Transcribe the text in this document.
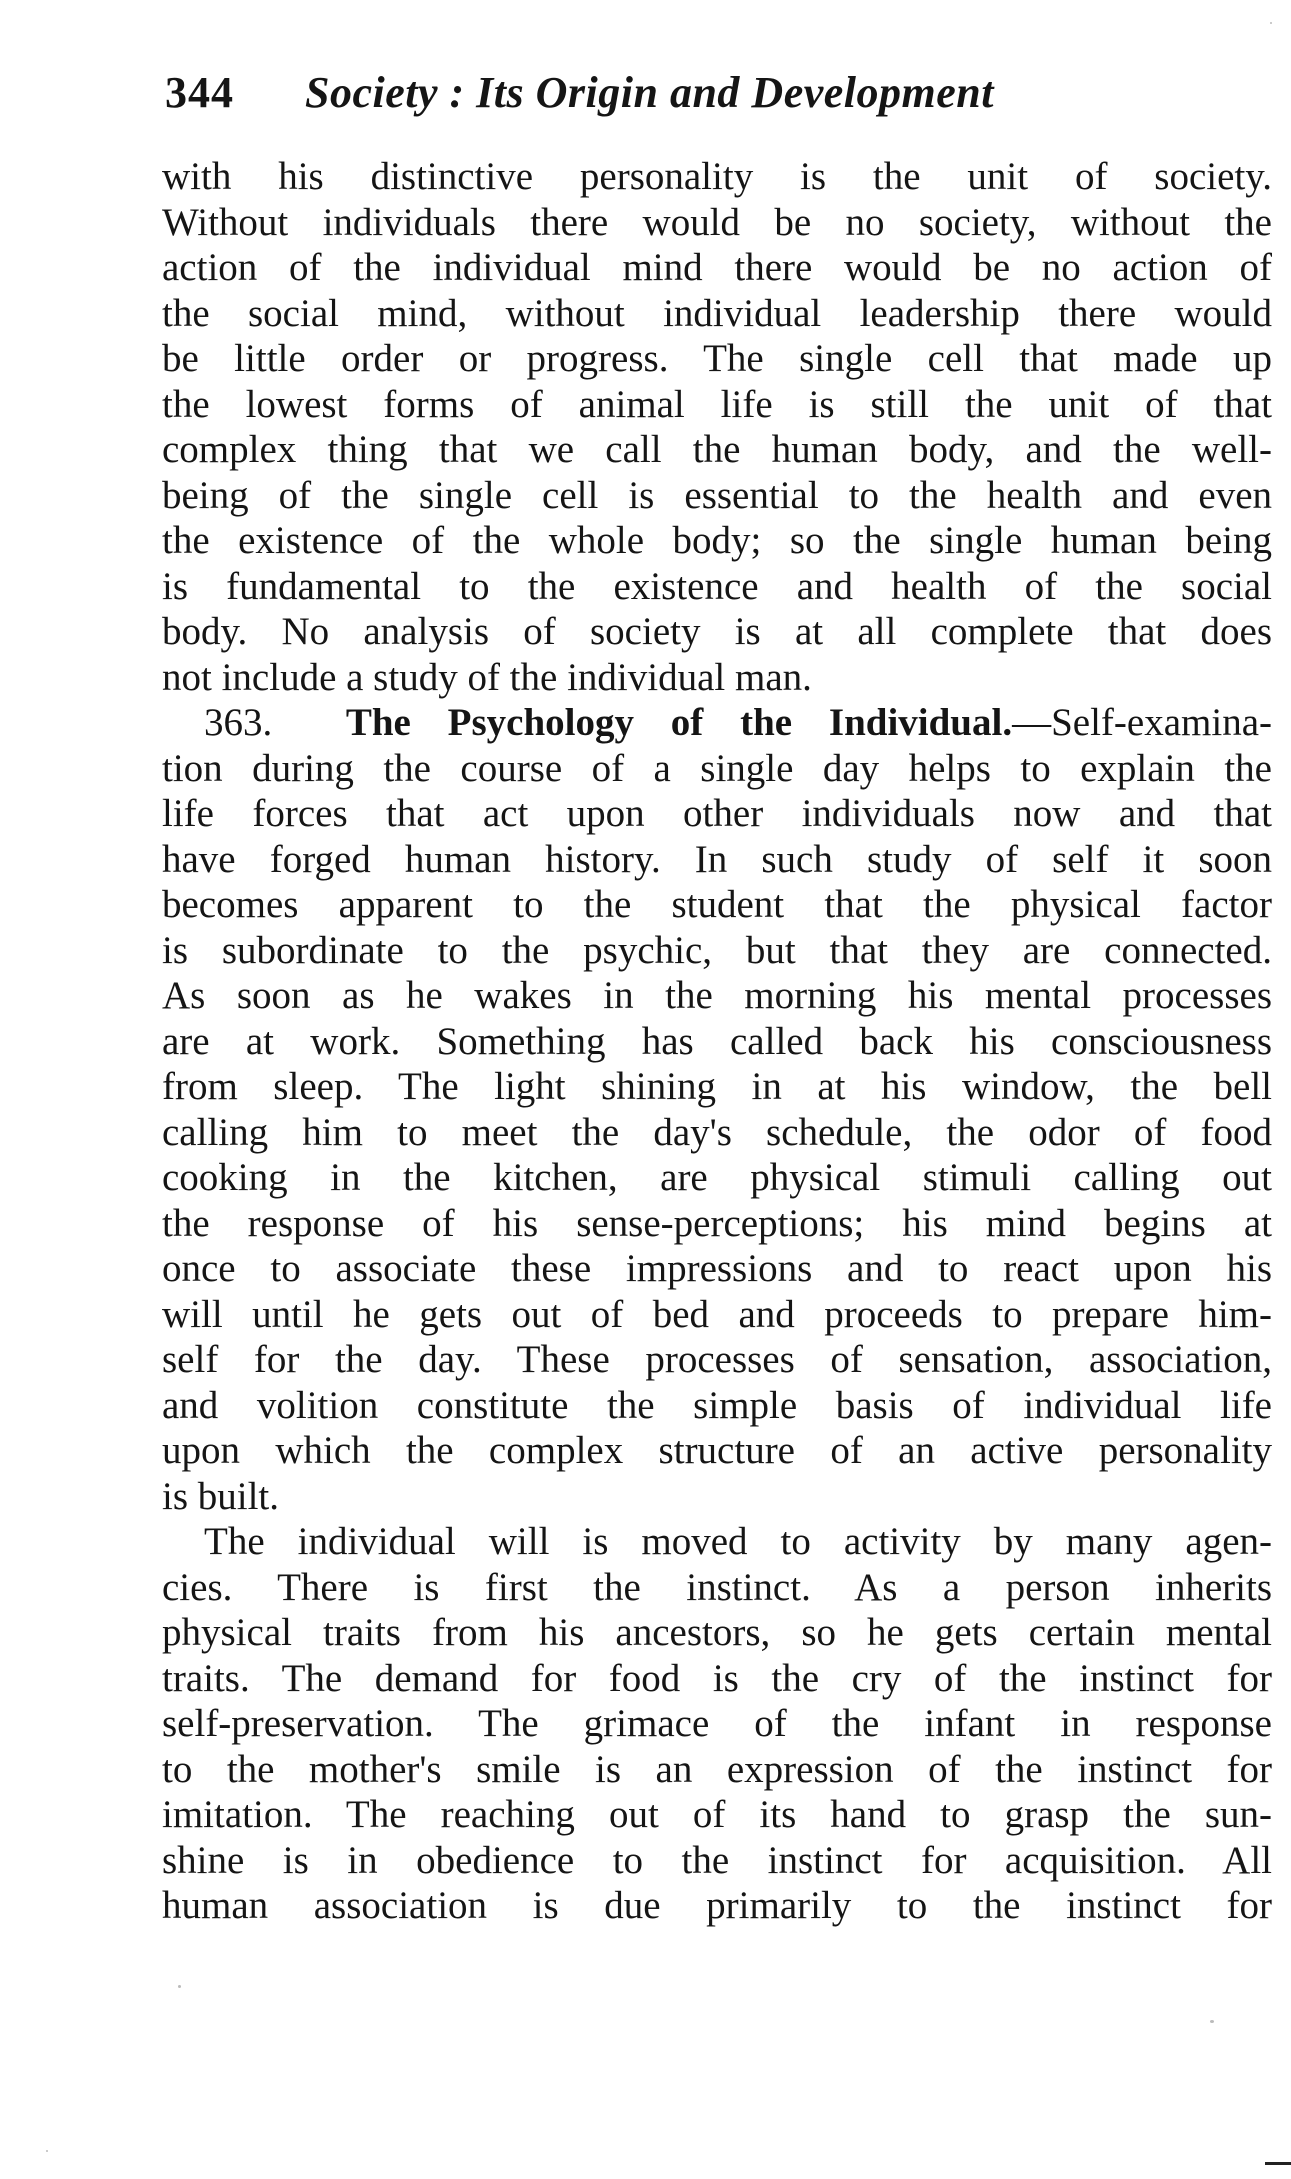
344 Society : Its Origin and Development
with his distinctive personality is the unit of society.
Without individuals there would be no society, without the
action of the individual mind there would be no action of
the social mind, without individual leadership there would
be little order or progress. The single cell that made up
the lowest forms of animal life is still the unit of that
complex thing that we call the human body, and the well-
being of the single cell is essential to the health and even
the existence of the whole body; so the single human being
is fundamental to the existence and health of the social
body. No analysis of society is at all complete that does
not include a study of the individual man.
363. The Psychology of the Individual.—Self-examina-
tion during the course of a single day helps to explain the
life forces that act upon other individuals now and that
have forged human history. In such study of self it soon
becomes apparent to the student that the physical factor
is subordinate to the psychic, but that they are connected.
As soon as he wakes in the morning his mental processes
are at work. Something has called back his consciousness
from sleep. The light shining in at his window, the bell
calling him to meet the day's schedule, the odor of food
cooking in the kitchen, are physical stimuli calling out
the response of his sense-perceptions; his mind begins at
once to associate these impressions and to react upon his
will until he gets out of bed and proceeds to prepare him-
self for the day. These processes of sensation, association,
and volition constitute the simple basis of individual life
upon which the complex structure of an active personality
is built.
The individual will is moved to activity by many agen-
cies. There is first the instinct. As a person inherits
physical traits from his ancestors, so he gets certain mental
traits. The demand for food is the cry of the instinct for
self-preservation. The grimace of the infant in response
to the mother's smile is an expression of the instinct for
imitation. The reaching out of its hand to grasp the sun-
shine is in obedience to the instinct for acquisition. All
human association is due primarily to the instinct for
